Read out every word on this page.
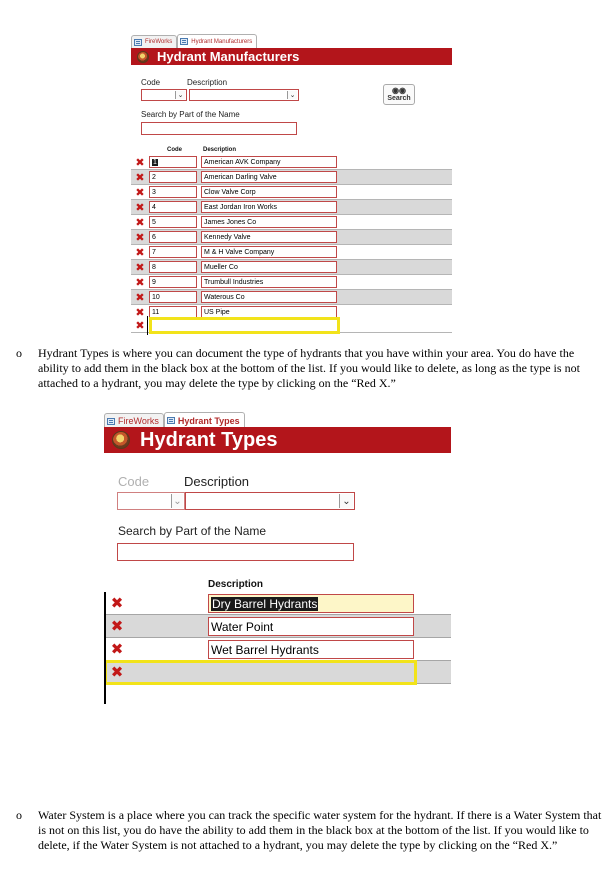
FireWorks	Hydrant Manufacturers
Hydrant Manufacturers
Code	Description
⌄	⌄
◉◉
Search
Search by Part of the Name
Code	Description
✖ 1	American AVK Company
✖	2	American Darling Valve
✖	3	Clow Valve Corp
✖	4	East Jordan Iron Works
✖	5	James Jones Co
✖	6	Kennedy Valve
✖	7	M & H Valve Company
✖	8	Mueller Co
✖	9	Trumbull Industries
✖	10	Waterous Co
✖	11	US Pipe
✖
o Hydrant Types is where you can document the type of hydrants that you have within your area. You do have the ability to add them in the black box at the bottom of the list. If you would like to delete, as long as the type is not attached to a hydrant, you may delete the type by clicking on the “Red X.”

FireWorks Hydrant Types
Hydrant Types
Code	Description
⌄	⌄
Search by Part of the Name
Description
✖	Dry Barrel Hydrants
✖	Water Point
✖	Wet Barrel Hydrants
✖
o Water System is a place where you can track the specific water system for the hydrant. If there is a Water System that is not on this list, you do have the ability to add them in the black box at the bottom of the list. If you would like to delete, if the Water System is not attached to a hydrant, you may delete the type by clicking on the “Red X.”
